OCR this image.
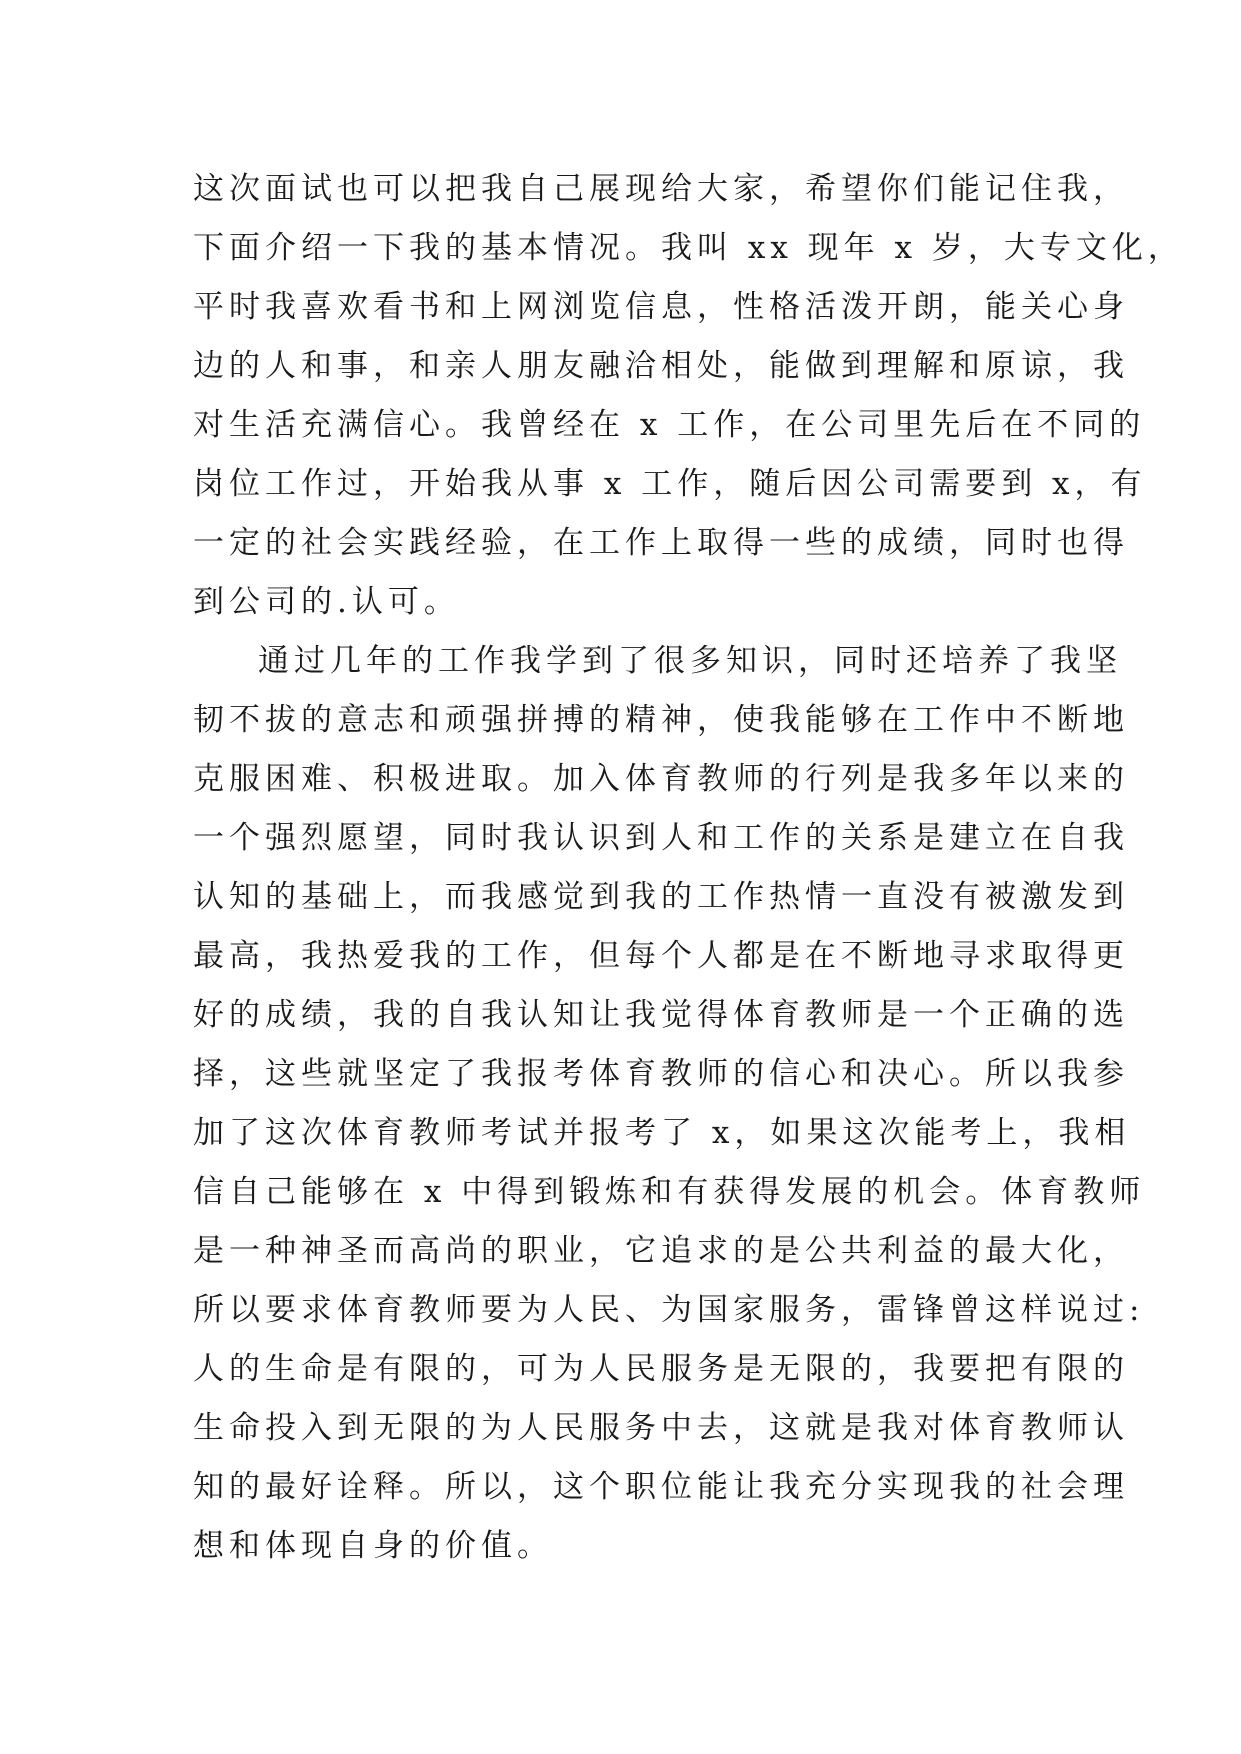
这次面试也可以把我自己展现给大家，希望你们能记住我，
下面介绍一下我的基本情况。我叫 xx 现年 x 岁，大专文化，
平时我喜欢看书和上网浏览信息，性格活泼开朗，能关心身
边的人和事，和亲人朋友融洽相处，能做到理解和原谅，我
对生活充满信心。我曾经在 x 工作，在公司里先后在不同的
岗位工作过，开始我从事 x 工作，随后因公司需要到 x，有
一定的社会实践经验，在工作上取得一些的成绩，同时也得
到公司的.认可。
通过几年的工作我学到了很多知识，同时还培养了我坚
韧不拔的意志和顽强拼搏的精神，使我能够在工作中不断地
克服困难、积极进取。加入体育教师的行列是我多年以来的
一个强烈愿望，同时我认识到人和工作的关系是建立在自我
认知的基础上，而我感觉到我的工作热情一直没有被激发到
最高，我热爱我的工作，但每个人都是在不断地寻求取得更
好的成绩，我的自我认知让我觉得体育教师是一个正确的选
择，这些就坚定了我报考体育教师的信心和决心。所以我参
加了这次体育教师考试并报考了 x，如果这次能考上，我相
信自己能够在 x 中得到锻炼和有获得发展的机会。体育教师
是一种神圣而高尚的职业，它追求的是公共利益的最大化，
所以要求体育教师要为人民、为国家服务，雷锋曾这样说过:
人的生命是有限的，可为人民服务是无限的，我要把有限的
生命投入到无限的为人民服务中去，这就是我对体育教师认
知的最好诠释。所以，这个职位能让我充分实现我的社会理
想和体现自身的价值。
